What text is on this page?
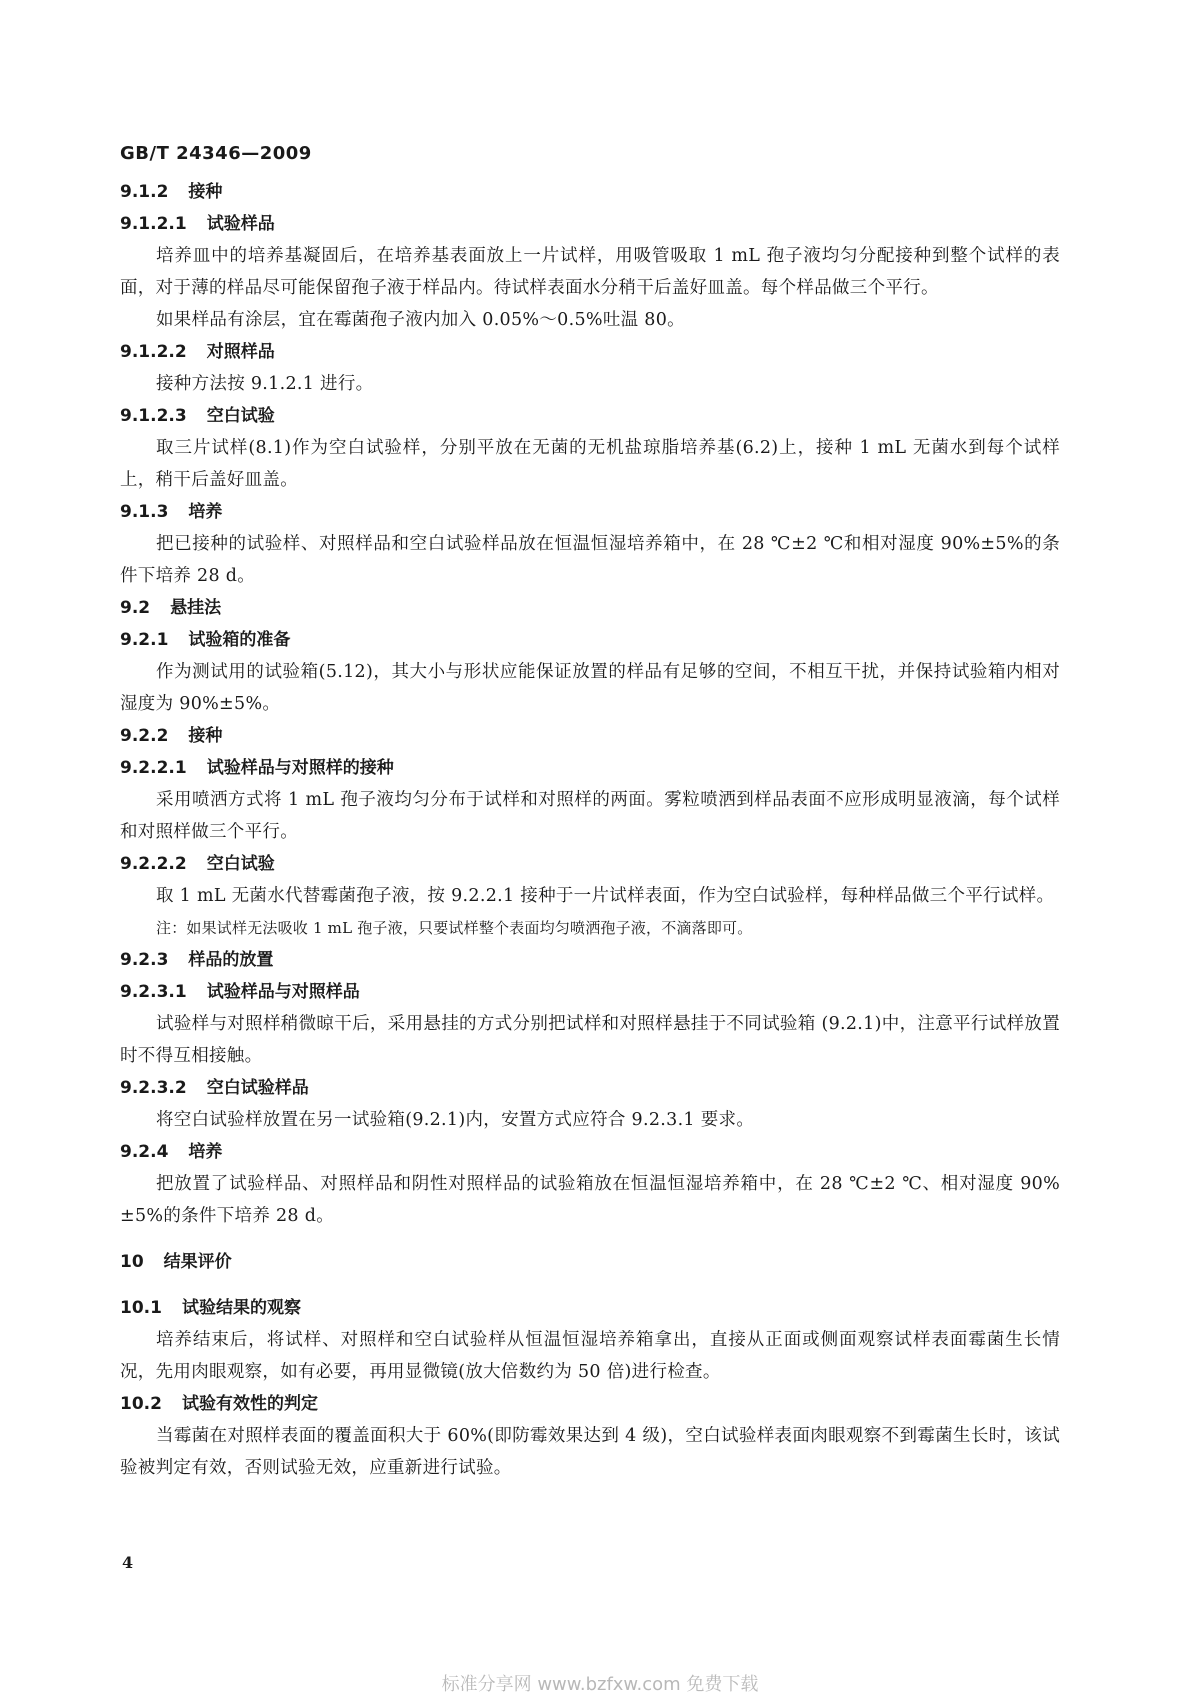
GB/T 24346—2009
9.1.2 接种
9.1.2.1 试验样品
培养皿中的培养基凝固后，在培养基表面放上一片试样，用吸管吸取 1 mL 孢子液均匀分配接种到整个试样的表面，对于薄的样品尽可能保留孢子液于样品内。待试样表面水分稍干后盖好皿盖。每个样品做三个平行。
如果样品有涂层，宜在霉菌孢子液内加入 0.05%～0.5%吐温 80。
9.1.2.2 对照样品
接种方法按 9.1.2.1 进行。
9.1.2.3 空白试验
取三片试样(8.1)作为空白试验样，分别平放在无菌的无机盐琼脂培养基(6.2)上，接种 1 mL 无菌水到每个试样上，稍干后盖好皿盖。
9.1.3 培养
把已接种的试验样、对照样品和空白试验样品放在恒温恒湿培养箱中，在 28 ℃±2 ℃和相对湿度 90%±5%的条件下培养 28 d。
9.2 悬挂法
9.2.1 试验箱的准备
作为测试用的试验箱(5.12)，其大小与形状应能保证放置的样品有足够的空间，不相互干扰，并保持试验箱内相对湿度为 90%±5%。
9.2.2 接种
9.2.2.1 试验样品与对照样的接种
采用喷洒方式将 1 mL 孢子液均匀分布于试样和对照样的两面。雾粒喷洒到样品表面不应形成明显液滴，每个试样和对照样做三个平行。
9.2.2.2 空白试验
取 1 mL 无菌水代替霉菌孢子液，按 9.2.2.1 接种于一片试样表面，作为空白试验样，每种样品做三个平行试样。
注：如果试样无法吸收 1 mL 孢子液，只要试样整个表面均匀喷洒孢子液，不滴落即可。
9.2.3 样品的放置
9.2.3.1 试验样品与对照样品
试验样与对照样稍微晾干后，采用悬挂的方式分别把试样和对照样悬挂于不同试验箱 (9.2.1)中，注意平行试样放置时不得互相接触。
9.2.3.2 空白试验样品
将空白试验样放置在另一试验箱(9.2.1)内，安置方式应符合 9.2.3.1 要求。
9.2.4 培养
把放置了试验样品、对照样品和阴性对照样品的试验箱放在恒温恒湿培养箱中，在 28 ℃±2 ℃、相对湿度 90%±5%的条件下培养 28 d。
10 结果评价
10.1 试验结果的观察
培养结束后，将试样、对照样和空白试验样从恒温恒湿培养箱拿出，直接从正面或侧面观察试样表面霉菌生长情况，先用肉眼观察，如有必要，再用显微镜(放大倍数约为 50 倍)进行检查。
10.2 试验有效性的判定
当霉菌在对照样表面的覆盖面积大于 60%(即防霉效果达到 4 级)，空白试验样表面肉眼观察不到霉菌生长时，该试验被判定有效，否则试验无效，应重新进行试验。
4
标准分享网 www.bzfxw.com 免费下载
